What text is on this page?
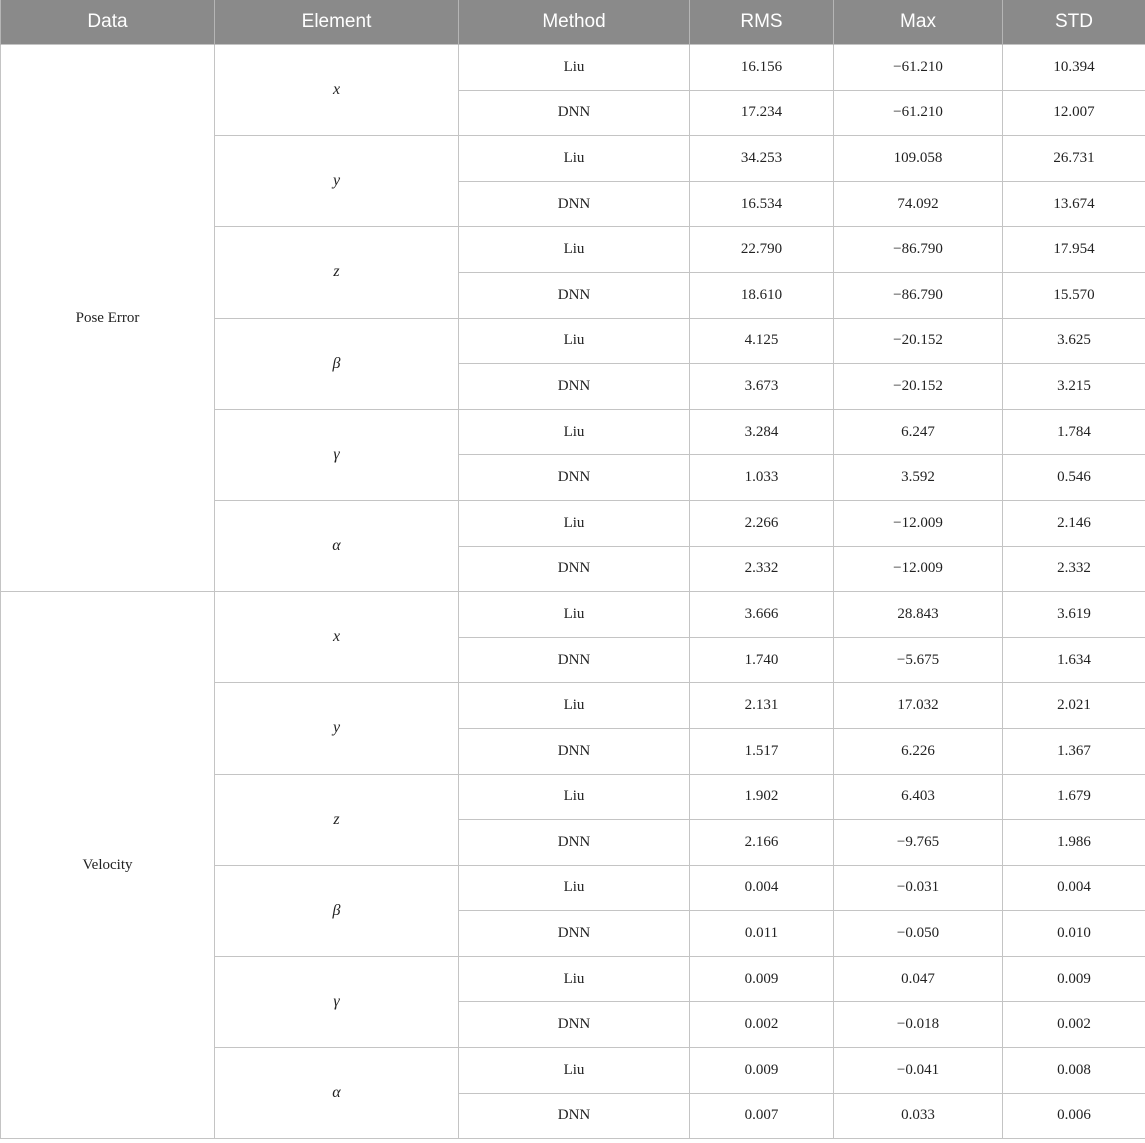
Data	Element	Method	RMS	Max	STD
Pose Error	x	Liu	16.156	−61.210	10.394
		DNN	17.234	−61.210	12.007
	y	Liu	34.253	109.058	26.731
		DNN	16.534	74.092	13.674
	z	Liu	22.790	−86.790	17.954
		DNN	18.610	−86.790	15.570
	β	Liu	4.125	−20.152	3.625
		DNN	3.673	−20.152	3.215
	γ	Liu	3.284	6.247	1.784
		DNN	1.033	3.592	0.546
	α	Liu	2.266	−12.009	2.146
		DNN	2.332	−12.009	2.332
Velocity	x	Liu	3.666	28.843	3.619
		DNN	1.740	−5.675	1.634
	y	Liu	2.131	17.032	2.021
		DNN	1.517	6.226	1.367
	z	Liu	1.902	6.403	1.679
		DNN	2.166	−9.765	1.986
	β	Liu	0.004	−0.031	0.004
		DNN	0.011	−0.050	0.010
	γ	Liu	0.009	0.047	0.009
		DNN	0.002	−0.018	0.002
	α	Liu	0.009	−0.041	0.008
		DNN	0.007	0.033	0.006
